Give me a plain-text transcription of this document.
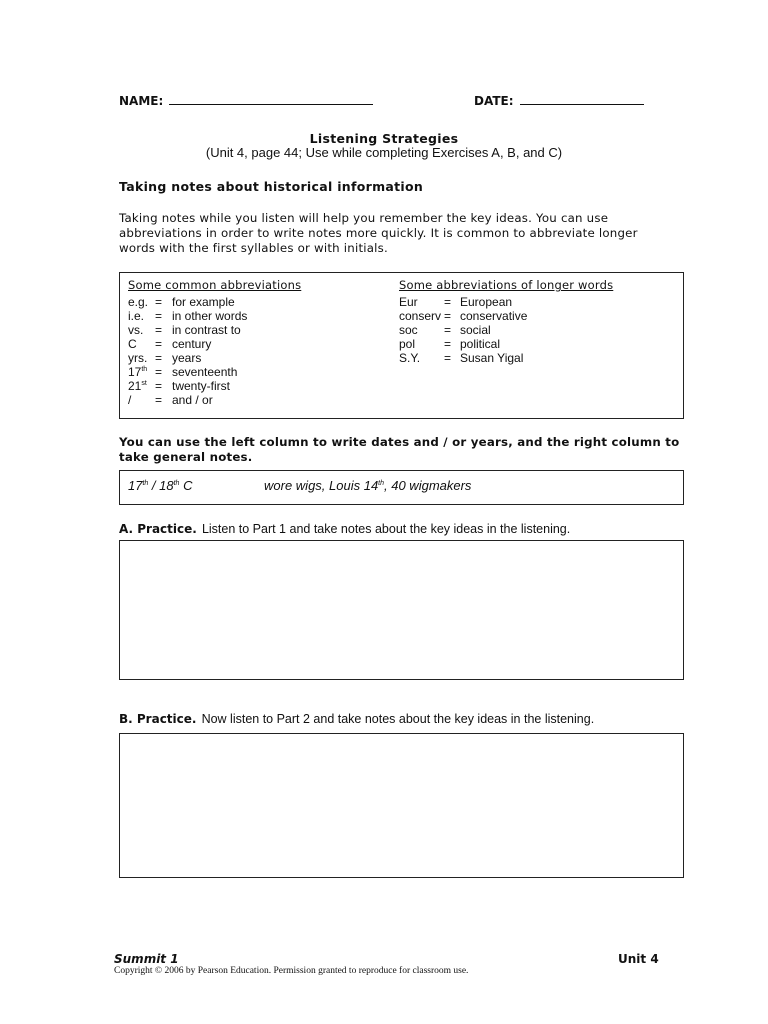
NAME:	DATE:
Listening Strategies
(Unit 4, page 44; Use while completing Exercises A, B, and C)
Taking notes about historical information
Taking notes while you listen will help you remember the key ideas. You can use
abbreviations in order to write notes more quickly. It is common to abbreviate longer
words with the first syllables or with initials.
Some common abbreviations	Some abbreviations of longer words
e.g. = for example
i.e. = in other words
vs. = in contrast to
C = century
yrs. = years
17th = seventeenth
21st = twenty-first
/ = and / or
Eur = European
conserv = conservative
soc = social
pol = political
S.Y. = Susan Yigal
You can use the left column to write dates and / or years, and the right column to
take general notes.
17th / 18th C	wore wigs, Louis 14th, 40 wigmakers
A. Practice. Listen to Part 1 and take notes about the key ideas in the listening.
B. Practice. Now listen to Part 2 and take notes about the key ideas in the listening.
Summit 1	Unit 4
Copyright © 2006 by Pearson Education. Permission granted to reproduce for classroom use.
